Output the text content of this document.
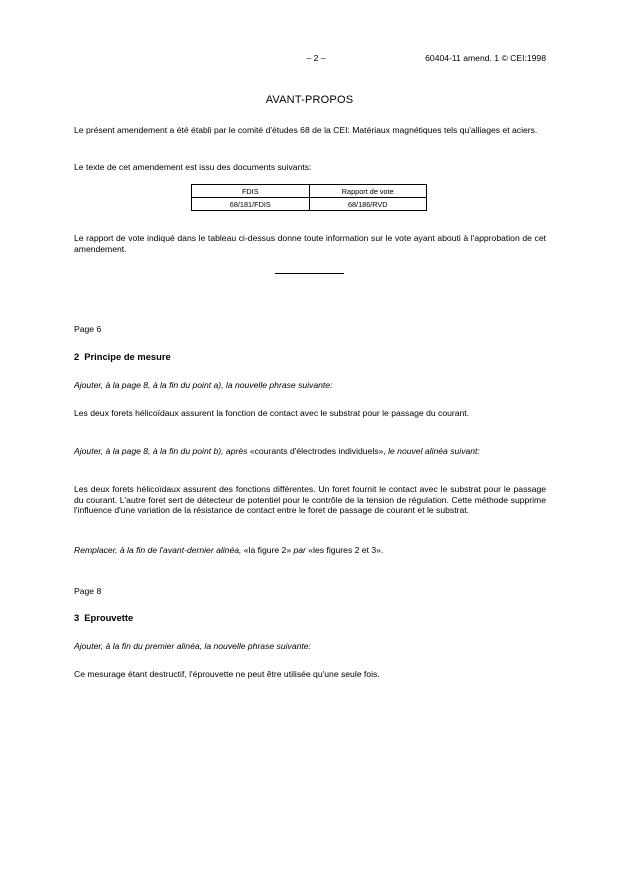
– 2 –	60404-11 amend. 1 © CEI:1998
AVANT-PROPOS
Le présent amendement a été établi par le comité d'études 68 de la CEI: Matériaux magnétiques tels qu'alliages et aciers.
Le texte de cet amendement est issu des documents suivants:
FDIS	Rapport de vote
68/181/FDIS	68/186/RVD
Le rapport de vote indiqué dans le tableau ci-dessus donne toute information sur le vote ayant abouti à l'approbation de cet amendement.
Page 6
2 Principe de mesure
Ajouter, à la page 8, à la fin du point a), la nouvelle phrase suivante:
Les deux forets hélicoïdaux assurent la fonction de contact avec le substrat pour le passage du courant.
Ajouter, à la page 8, à la fin du point b), après «courants d'électrodes individuels», le nouvel alinéa suivant:
Les deux forets hélicoïdaux assurent des fonctions différentes. Un foret fournit le contact avec le substrat pour le passage du courant. L'autre foret sert de détecteur de potentiel pour le contrôle de la tension de régulation. Cette méthode supprime l'influence d'une variation de la résistance de contact entre le foret de passage de courant et le substrat.
Remplacer, à la fin de l'avant-dernier alinéa, «la figure 2» par «les figures 2 et 3».
Page 8
3 Eprouvette
Ajouter, à la fin du premier alinéa, la nouvelle phrase suivante:
Ce mesurage étant destructif, l'éprouvette ne peut être utilisée qu'une seule fois.
